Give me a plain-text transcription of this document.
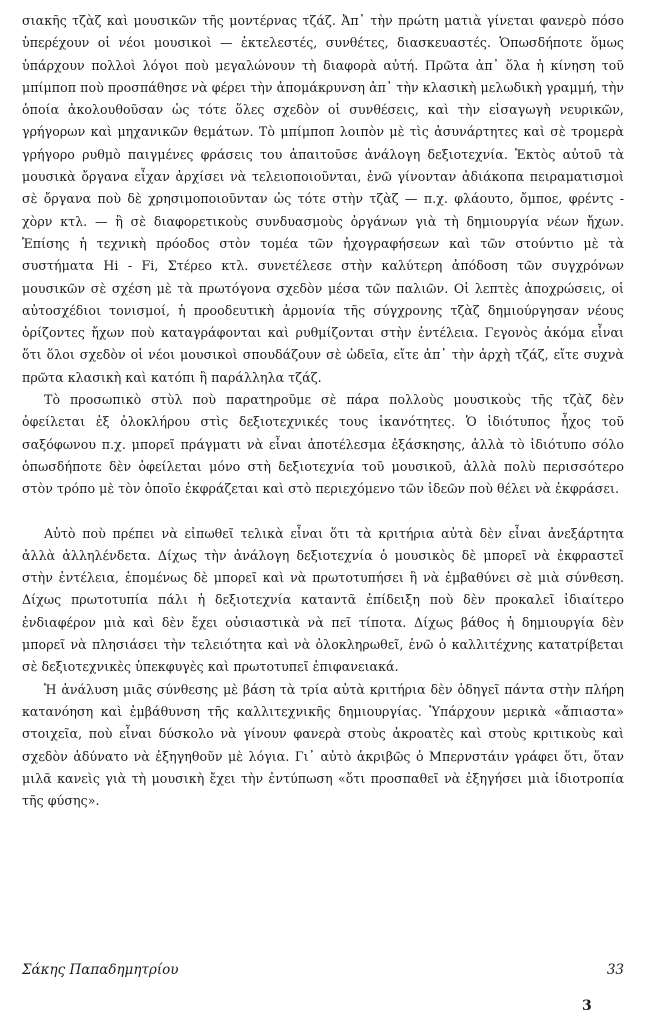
σιακῆς τζὰζ καὶ μουσικῶν τῆς μοντέρνας τζάζ. Ἀπ᾽ τὴν πρώτη ματιὰ γίνεται φανερὸ πόσο ὑπερέχουν οἱ νέοι μουσικοὶ — ἐκτελεστές, συνθέτες, διασκευαστές. Ὁπωσδήποτε ὅμως ὑπάρχουν πολλοὶ λόγοι ποὺ μεγαλώνουν τὴ διαφορὰ αὐτή. Πρῶτα ἀπ᾽ ὅλα ἡ κίνηση τοῦ μπίμποπ ποὺ προσπάθησε νὰ φέρει τὴν ἀπομάκρυνση ἀπ᾽ τὴν κλασικὴ μελωδικὴ γραμμή, τὴν ὁποία ἀκολουθοῦσαν ὡς τότε ὅλες σχεδὸν οἱ συνθέσεις, καὶ τὴν εἰσαγωγὴ νευρικῶν, γρήγορων καὶ μηχανικῶν θεμάτων. Τὸ μπίμποπ λοιπὸν μὲ τὶς ἀσυνάρτητες καὶ σὲ τρομερὰ γρήγορο ρυθμὸ παιγμένες φράσεις του ἀπαιτοῦσε ἀνάλογη δεξιοτεχνία. Ἐκτὸς αὐτοῦ τὰ μουσικὰ ὄργανα εἶχαν ἀρχίσει νὰ τελειοποιοῦνται, ἐνῶ γίνονταν ἀδιάκοπα πειραματισμοὶ σὲ ὄργανα ποὺ δὲ χρησιμοποιοῦνταν ὡς τότε στὴν τζὰζ — π.χ. φλάουτο, ὄμποε, φρέντς - χὸρν κτλ. — ἢ σὲ διαφορετικοὺς συνδυασμοὺς ὀργάνων γιὰ τὴ δημιουργία νέων ἤχων. Ἐπίσης ἡ τεχνικὴ πρόοδος στὸν τομέα τῶν ἠχογραφήσεων καὶ τῶν στούντιο μὲ τὰ συστήματα Hi - Fi, Στέρεο κτλ. συνετέλεσε στὴν καλύτερη ἀπόδοση τῶν συγχρόνων μουσικῶν σὲ σχέση μὲ τὰ πρωτόγονα σχεδὸν μέσα τῶν παλιῶν. Οἱ λεπτὲς ἀποχρώσεις, οἱ αὐτοσχέδιοι τονισμοί, ἡ προοδευτικὴ ἁρμονία τῆς σύγχρονης τζὰζ δημιούργησαν νέους ὁρίζοντες ἤχων ποὺ καταγράφονται καὶ ρυθμίζονται στὴν ἐντέλεια. Γεγονὸς ἀκόμα εἶναι ὅτι ὅλοι σχεδὸν οἱ νέοι μουσικοὶ σπουδάζουν σὲ ὠδεῖα, εἴτε ἀπ᾽ τὴν ἀρχὴ τζάζ, εἴτε συχνὰ πρῶτα κλασικὴ καὶ κατόπι ἢ παράλληλα τζάζ.

Τὸ προσωπικὸ στὺλ ποὺ παρατηροῦμε σὲ πάρα πολλοὺς μουσικοὺς τῆς τζὰζ δὲν ὀφείλεται ἐξ ὁλοκλήρου στὶς δεξιοτεχνικές τους ἱκανότητες. Ὁ ἰδιότυπος ἦχος τοῦ σαξόφωνου π.χ. μπορεῖ πράγματι νὰ εἶναι ἀποτέλεσμα ἐξάσκησης, ἀλλὰ τὸ ἰδιότυπο σόλο ὁπωσδήποτε δὲν ὀφείλεται μόνο στὴ δεξιοτεχνία τοῦ μουσικοῦ, ἀλλὰ πολὺ περισσότερο στὸν τρόπο μὲ τὸν ὁποῖο ἐκφράζεται καὶ στὸ περιεχόμενο τῶν ἰδεῶν ποὺ θέλει νὰ ἐκφράσει.

Αὐτὸ ποὺ πρέπει νὰ εἰπωθεῖ τελικὰ εἶναι ὅτι τὰ κριτήρια αὐτὰ δὲν εἶναι ἀνεξάρτητα ἀλλὰ ἀλληλένδετα. Δίχως τὴν ἀνάλογη δεξιοτεχνία ὁ μουσικὸς δὲ μπορεῖ νὰ ἐκφραστεῖ στὴν ἐντέλεια, ἑπομένως δὲ μπορεῖ καὶ νὰ πρωτοτυπήσει ἢ νὰ ἐμβαθύνει σὲ μιὰ σύνθεση. Δίχως πρωτοτυπία πάλι ἡ δεξιοτεχνία καταντᾶ ἐπίδειξη ποὺ δὲν προκαλεῖ ἰδιαίτερο ἐνδιαφέρον μιὰ καὶ δὲν ἔχει οὐσιαστικὰ νὰ πεῖ τίποτα. Δίχως βάθος ἡ δημιουργία δὲν μπορεῖ νὰ πλησιάσει τὴν τελειότητα καὶ νὰ ὁλοκληρωθεῖ, ἐνῶ ὁ καλλιτέχνης κατατρίβεται σὲ δεξιοτεχνικὲς ὑπεκφυγὲς καὶ πρωτοτυπεῖ ἐπιφανειακά.

Ἡ ἀνάλυση μιᾶς σύνθεσης μὲ βάση τὰ τρία αὐτὰ κριτήρια δὲν ὁδηγεῖ πάντα στὴν πλήρη κατανόηση καὶ ἐμβάθυνση τῆς καλλιτεχνικῆς δημιουργίας. Ὑπάρχουν μερικὰ «ἄπιαστα» στοιχεῖα, ποὺ εἶναι δύσκολο νὰ γίνουν φανερὰ στοὺς ἀκροατὲς καὶ στοὺς κριτικοὺς καὶ σχεδὸν ἀδύνατο νὰ ἐξηγηθοῦν μὲ λόγια. Γι᾽ αὐτὸ ἀκριβῶς ὁ Μπερνστάιν γράφει ὅτι, ὅταν μιλᾶ κανεὶς γιὰ τὴ μουσικὴ ἔχει τὴν ἐντύπωση «ὅτι προσπαθεῖ νὰ ἐξηγήσει μιὰ ἰδιοτροπία τῆς φύσης».

Σάκης Παπαδημητρίου	33
3
